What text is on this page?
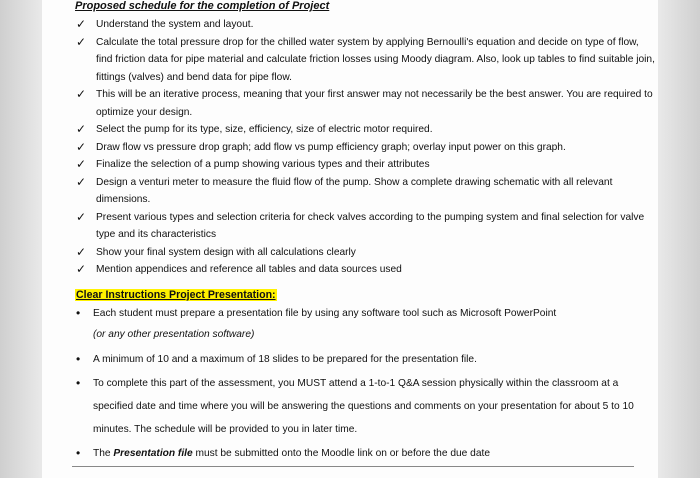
Proposed schedule for the completion of Project
✓ Understand the system and layout.
✓ Calculate the total pressure drop for the chilled water system by applying Bernoulli's equation and decide on type of flow, find friction data for pipe material and calculate friction losses using Moody diagram. Also, look up tables to find suitable join, fittings (valves) and bend data for pipe flow.
✓ This will be an iterative process, meaning that your first answer may not necessarily be the best answer. You are required to optimize your design.
✓ Select the pump for its type, size, efficiency, size of electric motor required.
✓ Draw flow vs pressure drop graph; add flow vs pump efficiency graph; overlay input power on this graph.
✓ Finalize the selection of a pump showing various types and their attributes
✓ Design a venturi meter to measure the fluid flow of the pump. Show a complete drawing schematic with all relevant dimensions.
✓ Present various types and selection criteria for check valves according to the pumping system and final selection for valve type and its characteristics
✓ Show your final system design with all calculations clearly
✓ Mention appendices and reference all tables and data sources used
Clear Instructions Project Presentation:
• Each student must prepare a presentation file by using any software tool such as Microsoft PowerPoint
(or any other presentation software)
• A minimum of 10 and a maximum of 18 slides to be prepared for the presentation file.
• To complete this part of the assessment, you MUST attend a 1-to-1 Q&A session physically within the classroom at a specified date and time where you will be answering the questions and comments on your presentation for about 5 to 10 minutes. The schedule will be provided to you in later time.
• The Presentation file must be submitted onto the Moodle link on or before the due date
